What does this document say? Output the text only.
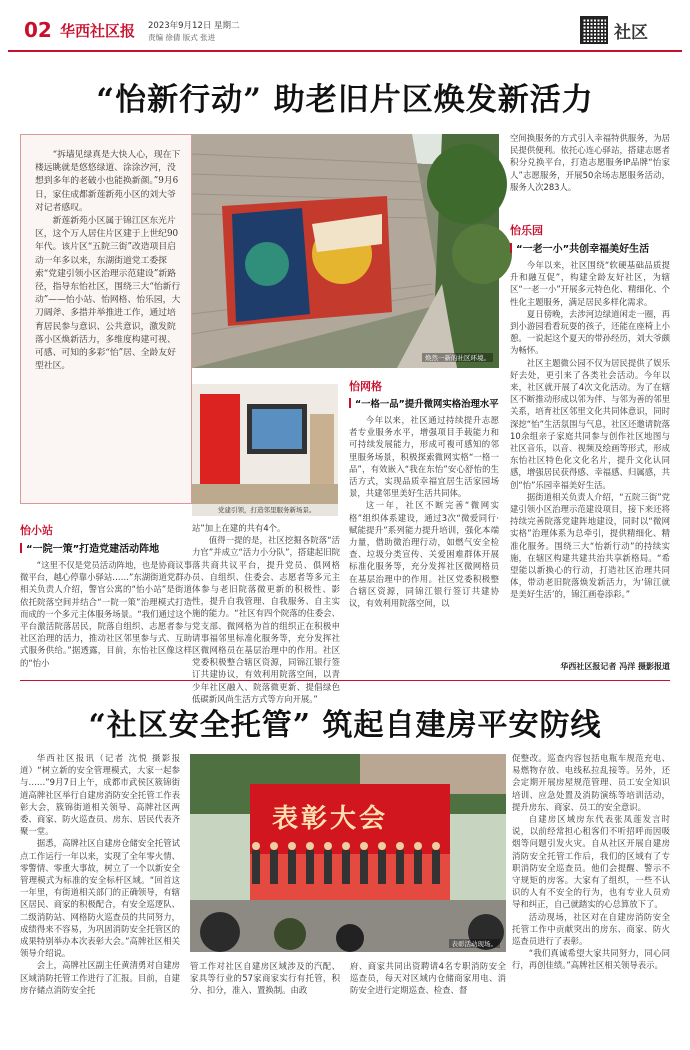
02 华西社区报 2023年9月12日 星期二
责编 徐倩 版式 张进	社区
“怡新行动” 助老旧片区焕发新活力

“拆墙见绿真是大快人心，现在下楼远眺就是悠悠绿道、涂涂汐河，没想到多年的老破小也能换新颜。”9月6日，家住成都新莲新苑小区的刘大爷对记者感叹。

新莲新苑小区属于锦江区东光片区，这个万人居住片区建于上世纪90年代。该片区“五院三街”改造项目启动一年多以来，东湖街道党工委探索“党建引领小区治理示范建设”新路径，指导东怡社区，围绕三大“怡新行动”——怡小站、怡网格、怡乐园，大刀阔斧、多措并举推进工作，通过培育居民参与意识、公共意识，激发院落小区焕新活力，多维度构建可视、可感、可知的多彩“怡”居、全龄友好型社区。

焕然一新的社区环境。
党建引领，打造邻里服务新场景。
怡小站
“一院一策”打造党建活动阵地

“这里不仅是党员活动阵地，也是协商议事微平台，越心停靠小驿站……”东湖街道党群办相关负责人介绍，警官公寓的“怡小站”是街道依托院落空间并结合“一院一策”治理模式打造而成的一个多元主体服务场景。“我们通过这个平台激活院落居民，院落自组织、志愿者参与社区治理的活力，推动社区邻里参与式、互助式服务供给。”据透露，目前，东怡社区像这样的“怡小

站”加上在建的共有4个。

值得一提的是，社区挖掘各院落“活力官”并成立“活力小分队”，搭建起旧院落共商共议平台，提升党员、俱网格员、自组织、住委会、志愿者等多元主体参与老旧院落微更新的积极性、影性，提升自我管理、自我服务、自主实施的能力。“社区有四个院落的住委会、党支部、微网格为首的组织正在积极申请事福邻里标准化服务等，充分发挥社区微网格员在基层治理中的作用。社区党委积极整合辖区资源，同锦江银行签订共建协议，有效利用院落空间，以青少年社区融入、院落微更新、提倡绿色低碳新风尚生活方式等方向开展。”

怡网格
“一格一品”提升微网实格治理水平

今年以来，社区通过持续提升志愿者专业服务水平，增强项目手载能力和可持续发展能力，形成可複可感知的邻里服务场景，积极探索微网实格“一格一品”，有效嵌入“我在东怡”安心舒怡的生活方式，实现品质幸福宜居生活家园场景，共建邻里美好生活共同体。

这一年，社区不断完善“微网实格”组织体系建设，通过3次“微爱同行·赋能提升”系列能力提升培训，强化本端力量，借助微治理行动，如燃气安全检查、垃圾分类宣传、关爱困难群体开展标准化服务等，充分发挥社区微网格员在基层治理中的作用。社区党委积极整合辖区资源，同锦江银行签订共建协议，有效利用院落空间，以

空间换服务的方式引入幸福特供服务，为居民提供便利。依托心连心驿站，搭建志愿者积分兑换平台，打造志愿服务IP品牌“怡家人”志愿服务，开展50余场志愿服务活动，服务人次283人。

怡乐园
“一老一小”共创幸福美好生活

今年以来，社区围绕“软硬基础品质提升和融互促”，构建全龄友好社区，为辖区“一老一小”开展多元特色化、精细化、个性化主题服务，满足居民多样化需求。

夏日傍晚，去涉河边绿道闲走一圈，再到小游园看看玩耍的孩子，还能在座椅上小憩。一说起这个夏天的带孙经历，刘大爷颇为畅怀。

社区主题微公园不仅为居民提供了娱乐好去处，更引来了各类社会活动。今年以来，社区就开展了4次文化活动。为了在辖区不断推动形成以邻为伴、与邻为善的邻里关系，培育社区邻里文化共同体意识，同时深挖“怡”生活氛围与气息，社区还邀请院落10余组亲子家庭共同参与创作社区地图与社区音乐，以音、视频及绘画等形式，形成东怡社区特色化文化名片，提升文化认同感，增强居民获得感、幸福感、归属感，共创“怡”乐园幸福美好生活。

据街道相关负责人介绍，“五院三街”党建引领小区治理示范建设项目，接下来还将持续完善院落党建阵地建设，同时以“微网实格”治理体系为总牵引，提供精细化、精准化服务。围绕三大“怡新行动”的持续实施，在辖区构建共建共治共享新格局。“希望能以新换心的行动，打造社区治理共同体，带动老旧院落焕发新活力，为‘锦江就是美好生活’的，锦江画卷添彩。”

华西社区报记者 冯洋 摄影报道
“社区安全托管” 筑起自建房平安防线

华西社区报讯（记者 沈悦 摄影报道）“树立新的安全管理模式，大家一起参与……”9月7日上午，成都市武侯区簇锦街道高牌社区举行自建房消防安全托管工作表彰大会，簇锦街道相关领导、高牌社区两委、商家、防火巡查员、房东、居民代表齐聚一堂。

据悉，高牌社区自建房仓储安全托管试点工作运行一年以来，实现了全年零火情、零警情、零重大事故，树立了一个以新安全管理模式为标准的安全标杆区域。“回首这一年里，有街道相关部门的正确领导，有辖区居民、商家的积极配合，有安全巡逻队、二级消防站、网格防火巡查员的共同努力，成绩得来不容易，为巩固消防安全托管区的成果特别举办本次表彰大会。”高牌社区相关领导介绍说。

会上，高牌社区副主任黄清勇对自建房区域消防托管工作进行了汇报。目前，自建房存储点消防安全托

表彰大会
表彰活动现场。

管工作对社区自建房区域涉及的汽配、家具等行业的57家商家实行有托管，积分、扣分，准入、置换制。由政

府、商家共同出资聘请4名专职消防安全巡查员，每天对区域内仓储商家用电、消防安全进行定期巡查、检查、督

促整改。巡查内容包括电瓶车规范充电、易燃物存放、电线私拉乱接等。另外，还会定期开展房屋规范管理、员工安全知识培训、应急处置及消防演练等培训活动，提升房东、商家、员工的安全意识。

自建房区域房东代表张凤莲发言时说，以前经常担心租客们不听招呼而因吸烟等问题引发火灾。自从社区开展自建房消防安全托管工作后，我们的区域有了专职消防安全巡查员。他们会提醒、警示不守规矩的房客。大家有了组织，一些不认识的人有不安全的行为，也有专业人员劝导和纠正，自己就踏实的心总算放下了。

活动现场，社区对在自建房消防安全托管工作中贡献突出的房东、商家、防火巡查员进行了表彰。

“我们真诚希望大家共同努力，同心同行，再创佳绩。”高牌社区相关领导表示。
